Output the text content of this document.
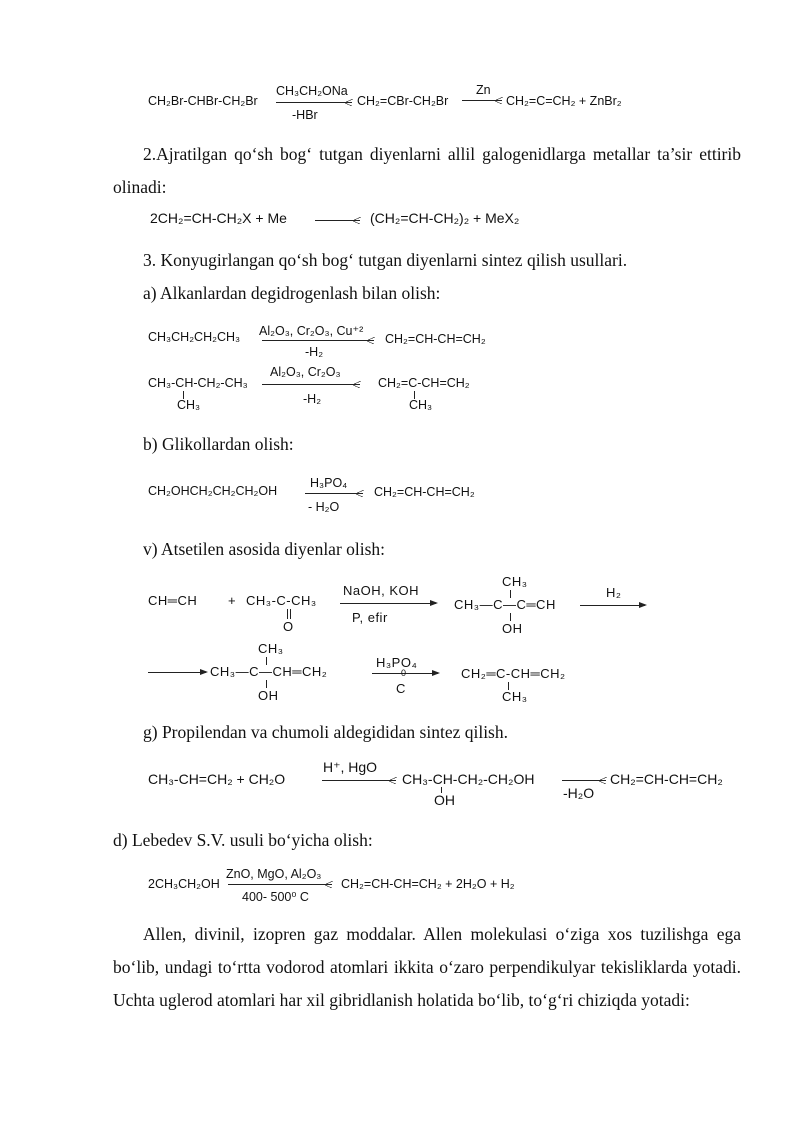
CH₂Br-CHBr-CH₂Br
CH₃CH₂ONa
-HBr
CH₂=CBr-CH₂Br
Zn
CH₂=C=CH₂ + ZnBr₂
2.Ajratilgan qo‘sh bog‘ tutgan diyenlarni allil galogenidlarga metallar ta’sir ettirib olinadi:
2CH₂=CH-CH₂X + Me	(CH₂=CH-CH₂)₂ + MeX₂
3. Konyugirlangan qo‘sh bog‘ tutgan diyenlarni sintez qilish usullari.
a) Alkanlardan degidrogenlash bilan olish:
CH₃CH₂CH₂CH₃ Al₂O₃, Cr₂O₃, Cu⁺²
-H₂
CH₂=CH-CH=CH₂
CH₃-CH-CH₂-CH₃
CH₃
Al₂O₃, Cr₂O₃
-H₂
CH₂=C-CH=CH₂
CH₃
b) Glikollardan olish:
CH₂OHCH₂CH₂CH₂OH
H₃PO₄
- H₂O
CH₂=CH-CH=CH₂
v) Atsetilen asosida diyenlar olish:
CH═CH + CH₃-C-CH₃
O
NaOH, KOH
P, efir
CH₃
CH₃—C—C═CH
OH
H₂
CH₃
CH₃—C—CH═CH₂
OH
H₃PO₄
0
C
CH₂═C-CH═CH₂
CH₃
g) Propilendan va chumoli aldegididan sintez qilish.
CH₃-CH=CH₂ + CH₂O
H⁺, HgO
CH₃-CH-CH₂-CH₂OH
OH	-H₂O
CH₂=CH-CH=CH₂
d) Lebedev S.V. usuli bo‘yicha olish:
2CH₃CH₂OH
ZnO, MgO, Al₂O₃
400- 500⁰ C
CH₂=CH-CH=CH₂ + 2H₂O + H₂
Allen, divinil, izopren gaz moddalar. Allen molekulasi o‘ziga xos tuzilishga ega bo‘lib, undagi to‘rtta vodorod atomlari ikkita o‘zaro perpendikulyar tekisliklarda yotadi. Uchta uglerod atomlari har xil gibridlanish holatida bo‘lib, to‘g‘ri chiziqda yotadi:
